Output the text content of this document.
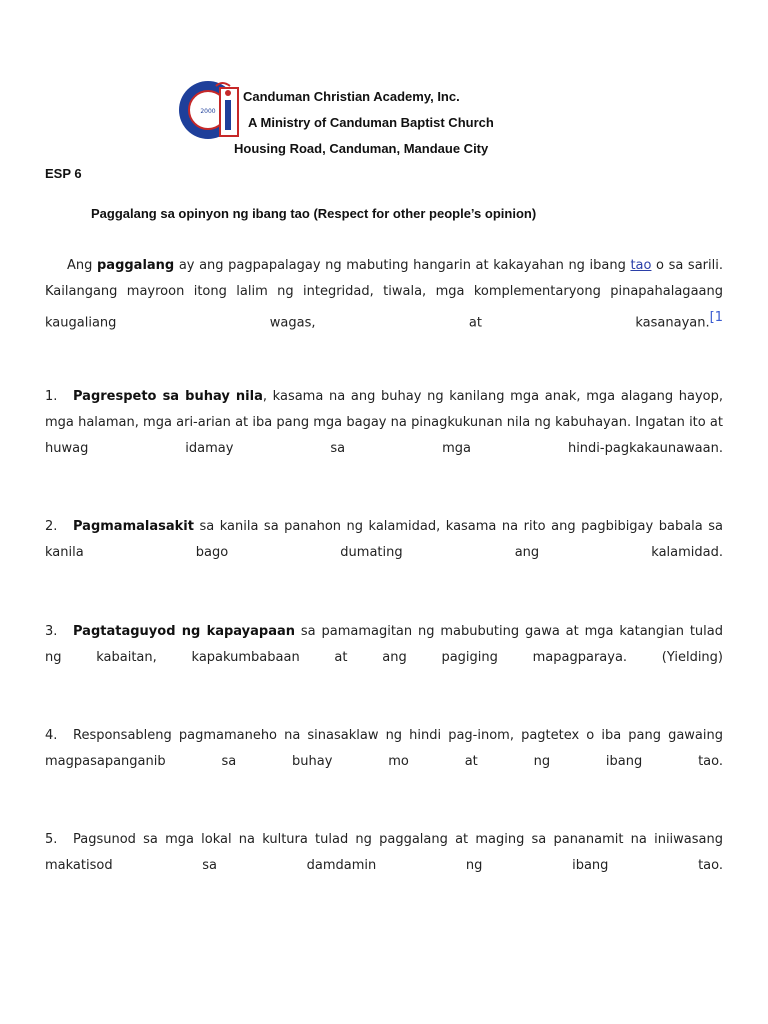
2000
Canduman Christian Academy, Inc.
A Ministry of Canduman Baptist Church
Housing Road, Canduman, Mandaue City
ESP 6
Paggalang sa opinyon ng ibang tao (Respect for other people’s opinion)
Ang paggalang ay ang pagpapalagay ng mabuting hangarin at kakayahan ng ibang tao o sa sarili. Kailangang mayroon itong lalim ng integridad, tiwala, mga komplementaryong pinapahalagaang kaugaliang wagas, at kasanayan.$^{[1}$
1. Pagrespeto sa buhay nila, kasama na ang buhay ng kanilang mga anak, mga alagang hayop, mga halaman, mga ari-arian at iba pang mga bagay na pinagkukunan nila ng kabuhayan. Ingatan ito at huwag idamay sa mga hindi-pagkakaunawaan.
2. Pagmamalasakit sa kanila sa panahon ng kalamidad, kasama na rito ang pagbibigay babala sa kanila bago dumating ang kalamidad.
3. Pagtataguyod ng kapayapaan sa pamamagitan ng mabubuting gawa at mga katangian tulad ng kabaitan, kapakumbabaan at ang pagiging mapagparaya. (Yielding)
4. Responsableng pagmamaneho na sinasaklaw ng hindi pag-inom, pagtetex o iba pang gawaing magpasapanganib sa buhay mo at ng ibang tao.
5. Pagsunod sa mga lokal na kultura tulad ng paggalang at maging sa pananamit na iniiwasang makatisod sa damdamin ng ibang tao.
